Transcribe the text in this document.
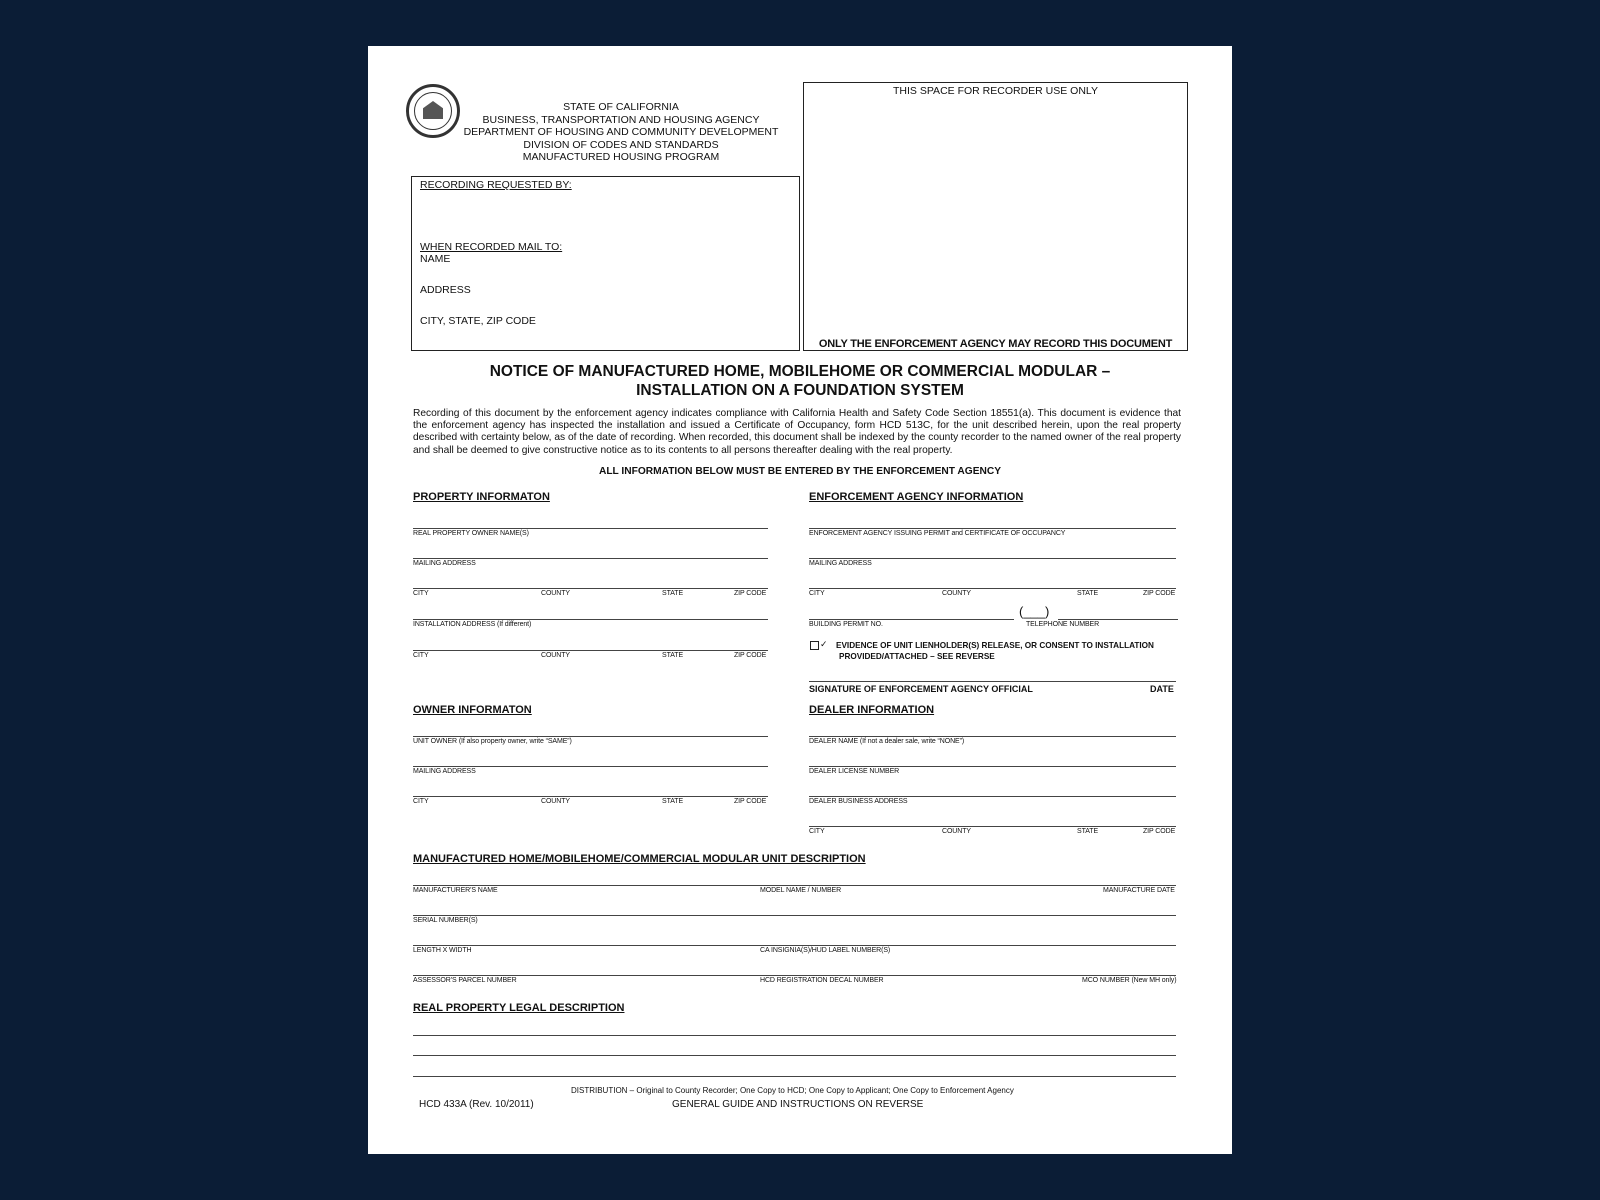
STATE OF CALIFORNIA
BUSINESS, TRANSPORTATION AND HOUSING AGENCY
DEPARTMENT OF HOUSING AND COMMUNITY DEVELOPMENT
DIVISION OF CODES AND STANDARDS
MANUFACTURED HOUSING PROGRAM
RECORDING REQUESTED BY:
WHEN RECORDED MAIL TO:
NAME
ADDRESS
CITY, STATE, ZIP CODE
THIS SPACE FOR RECORDER USE ONLY
ONLY THE ENFORCEMENT AGENCY MAY RECORD THIS DOCUMENT
NOTICE OF MANUFACTURED HOME, MOBILEHOME OR COMMERCIAL MODULAR –
INSTALLATION ON A FOUNDATION SYSTEM
Recording of this document by the enforcement agency indicates compliance with California Health and Safety Code Section 18551(a). This document is evidence that the enforcement agency has inspected the installation and issued a Certificate of Occupancy, form HCD 513C, for the unit described herein, upon the real property described with certainty below, as of the date of recording. When recorded, this document shall be indexed by the county recorder to the named owner of the real property and shall be deemed to give constructive notice as to its contents to all persons thereafter dealing with the real property.
ALL INFORMATION BELOW MUST BE ENTERED BY THE ENFORCEMENT AGENCY
PROPERTY INFORMATON
REAL PROPERTY OWNER NAME(S)
MAILING ADDRESS
CITY	COUNTY	STATE	ZIP CODE
INSTALLATION ADDRESS (If different)
CITY	COUNTY	STATE	ZIP CODE
ENFORCEMENT AGENCY INFORMATION
ENFORCEMENT AGENCY ISSUING PERMIT and CERTIFICATE OF OCCUPANCY
MAILING ADDRESS
CITY	COUNTY	STATE	ZIP CODE
(___)
BUILDING PERMIT NO.	TELEPHONE NUMBER
✓ EVIDENCE OF UNIT LIENHOLDER(S) RELEASE, OR CONSENT TO INSTALLATION
PROVIDED/ATTACHED – SEE REVERSE
SIGNATURE OF ENFORCEMENT AGENCY OFFICIAL	DATE
OWNER INFORMATON
UNIT OWNER (If also property owner, write “SAME”)
MAILING ADDRESS
CITY	COUNTY	STATE	ZIP CODE
DEALER INFORMATION
DEALER NAME (If not a dealer sale, write “NONE”)
DEALER LICENSE NUMBER
DEALER BUSINESS ADDRESS
CITY	COUNTY	STATE	ZIP CODE
MANUFACTURED HOME/MOBILEHOME/COMMERCIAL MODULAR UNIT DESCRIPTION
MANUFACTURER'S NAME	MODEL NAME / NUMBER	MANUFACTURE DATE
SERIAL NUMBER(S)
LENGTH X WIDTH	CA INSIGNIA(S)/HUD LABEL NUMBER(S)
ASSESSOR'S PARCEL NUMBER	HCD REGISTRATION DECAL NUMBER	MCO NUMBER (New MH only)
REAL PROPERTY LEGAL DESCRIPTION
DISTRIBUTION – Original to County Recorder; One Copy to HCD; One Copy to Applicant; One Copy to Enforcement Agency
HCD 433A (Rev. 10/2011)	GENERAL GUIDE AND INSTRUCTIONS ON REVERSE
